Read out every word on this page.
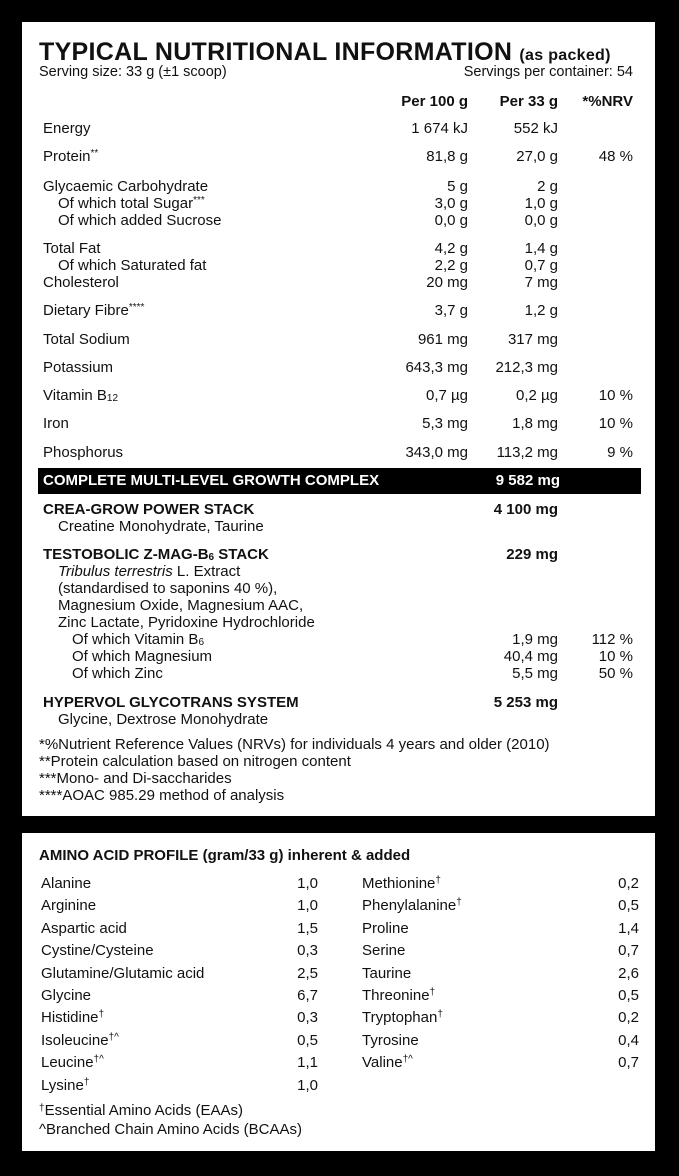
TYPICAL NUTRITIONAL INFORMATION (as packed)
Serving size: 33 g (±1 scoop)	Servings per container: 54
Per 100 g Per 33 g *%NRV
Energy	1 674 kJ	552 kJ
Protein**	81,8 g	27,0 g	48 %
Glycaemic Carbohydrate	5 g	2 g
Of which total Sugar***	3,0 g	1,0 g
Of which added Sucrose	0,0 g	0,0 g
Total Fat	4,2 g	1,4 g
Of which Saturated fat	2,2 g	0,7 g
Cholesterol	20 mg	7 mg
Dietary Fibre****	3,7 g	1,2 g
Total Sodium	961 mg	317 mg
Potassium	643,3 mg 212,3 mg
Vitamin $B_{12}$	0,7 µg	0,2 µg	10 %
Iron	5,3 mg	1,8 mg	10 %
Phosphorus	343,0 mg 113,2 mg	9 %
COMPLETE MULTI-LEVEL GROWTH COMPLEX	9 582 mg
CREA-GROW POWER STACK	4 100 mg
Creatine Monohydrate, Taurine
TESTOBOLIC $Z-MAG-B_6$ STACK	229 mg
Tribulus terrestris L. Extract
(standardised to saponins 40 %),
Magnesium Oxide, Magnesium AAC,
Zinc Lactate, Pyridoxine Hydrochloride
Of which Vitamin $B_6$	1,9 mg 112 %
Of which Magnesium	40,4 mg	10 %
Of which Zinc	5,5 mg	50 %
HYPERVOL GLYCOTRANS SYSTEM	5 253 mg
Glycine, Dextrose Monohydrate
*%Nutrient Reference Values (NRVs) for individuals 4 years and older (2010)
**Protein calculation based on nitrogen content
***Mono- and Di-saccharides
****AOAC 985.29 method of analysis
AMINO ACID PROFILE (gram/33 g) inherent & added
Alanine	1,0
Arginine	1,0
Aspartic acid	1,5
Cystine/Cysteine	0,3
Glutamine/Glutamic acid	2,5
Glycine	6,7
Histidine†	0,3
Isoleucine†^	0,5
Leucine†^	1,1
Lysine†	1,0
Methionine†	0,2
Phenylalanine†	0,5
Proline	1,4
Serine	0,7
Taurine	2,6
Threonine†	0,5
Tryptophan†	0,2
Tyrosine	0,4
Valine†^	0,7
†Essential Amino Acids (EAAs)
^Branched Chain Amino Acids (BCAAs)
